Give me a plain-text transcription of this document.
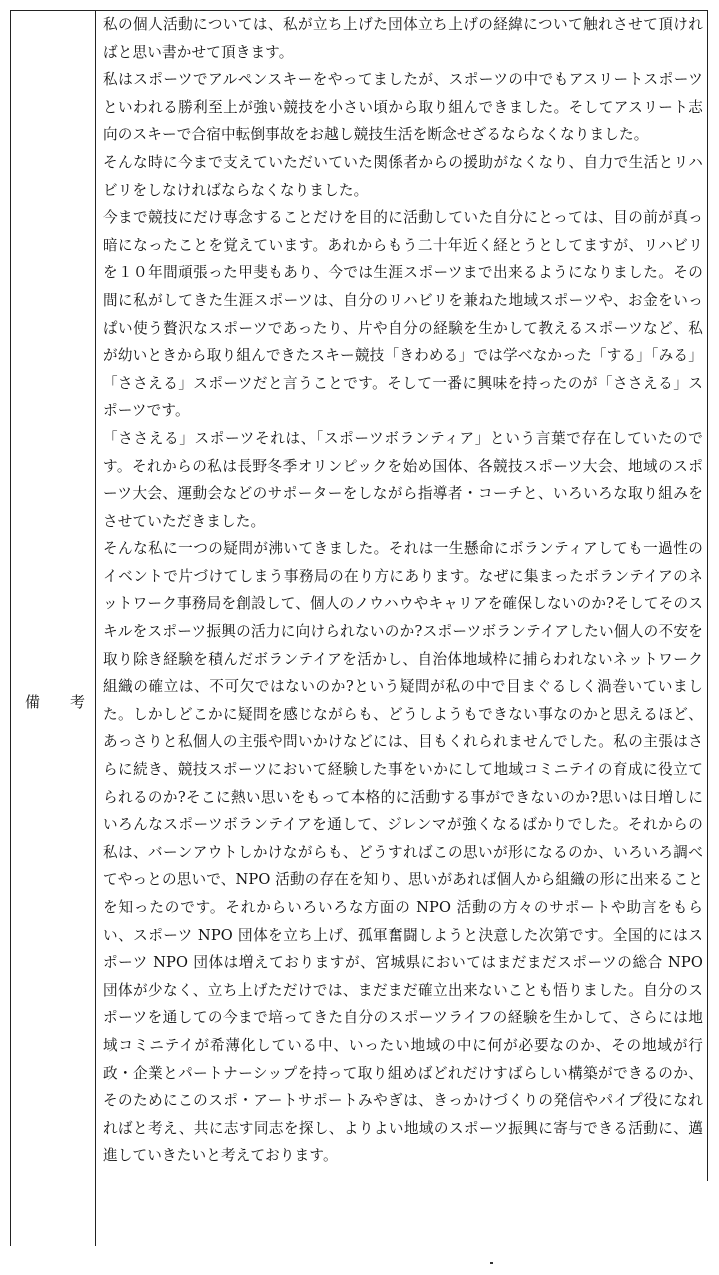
備 考

私の個人活動については、私が立ち上げた団体立ち上げの経緯について触れさせて頂ければと思い書かせて頂きます。

私はスポーツでアルペンスキーをやってましたが、スポーツの中でもアスリートスポーツといわれる勝利至上が強い競技を小さい頃から取り組んできました。そしてアスリート志向のスキーで合宿中転倒事故をお越し競技生活を断念せざるならなくなりました。

そんな時に今まで支えていただいていた関係者からの援助がなくなり、自力で生活とリハビリをしなければならなくなりました。

今まで競技にだけ専念することだけを目的に活動していた自分にとっては、目の前が真っ暗になったことを覚えています。あれからもう二十年近く経とうとしてますが、リハビリを１０年間頑張った甲斐もあり、今では生涯スポーツまで出来るようになりました。その間に私がしてきた生涯スポーツは、自分のリハビリを兼ねた地域スポーツや、お金をいっぱい使う贅沢なスポーツであったり、片や自分の経験を生かして教えるスポーツなど、私が幼いときから取り組んできたスキー競技「きわめる」では学べなかった「する」「みる」「ささえる」スポーツだと言うことです。そして一番に興味を持ったのが「ささえる」スポーツです。

「ささえる」スポーツそれは、「スポーツボランティア」という言葉で存在していたのです。それからの私は長野冬季オリンピックを始め国体、各競技スポーツ大会、地域のスポーツ大会、運動会などのサポーターをしながら指導者・コーチと、いろいろな取り組みをさせていただきました。

そんな私に一つの疑問が沸いてきました。それは一生懸命にボランティアしても一過性のイベントで片づけてしまう事務局の在り方にあります。なぜに集まったボランテイアのネットワーク事務局を創設して、個人のノウハウやキャリアを確保しないのか?そしてそのスキルをスポーツ振興の活力に向けられないのか?スポーツボランテイアしたい個人の不安を取り除き経験を積んだボランテイアを活かし、自治体地域枠に捕らわれないネットワーク組織の確立は、不可欠ではないのか?という疑問が私の中で目まぐるしく渦巻いていました。しかしどこかに疑問を感じながらも、どうしようもできない事なのかと思えるほど、あっさりと私個人の主張や問いかけなどには、目もくれられませんでした。私の主張はさらに続き、競技スポーツにおいて経験した事をいかにして地域コミニテイの育成に役立てられるのか?そこに熱い思いをもって本格的に活動する事ができないのか?思いは日増しにいろんなスポーツボランテイアを通して、ジレンマが強くなるばかりでした。それからの私は、バーンアウトしかけながらも、どうすればこの思いが形になるのか、いろいろ調べてやっとの思いで、NPO 活動の存在を知り、思いがあれば個人から組織の形に出来ることを知ったのです。それからいろいろな方面の NPO 活動の方々のサポートや助言をもらい、スポーツ NPO 団体を立ち上げ、孤軍奮闘しようと決意した次第です。全国的にはスポーツ NPO 団体は増えておりますが、宮城県においてはまだまだスポーツの総合 NPO 団体が少なく、立ち上げただけでは、まだまだ確立出来ないことも悟りました。自分のスポーツを通しての今まで培ってきた自分のスポーツライフの経験を生かして、さらには地域コミニテイが希薄化している中、いったい地域の中に何が必要なのか、その地域が行政・企業とパートナーシップを持って取り組めばどれだけすばらしい構築ができるのか、そのためにこのスポ・アートサポートみやぎは、きっかけづくりの発信やパイプ役になれればと考え、共に志す同志を探し、よりよい地域のスポーツ振興に寄与できる活動に、邁進していきたいと考えております。
